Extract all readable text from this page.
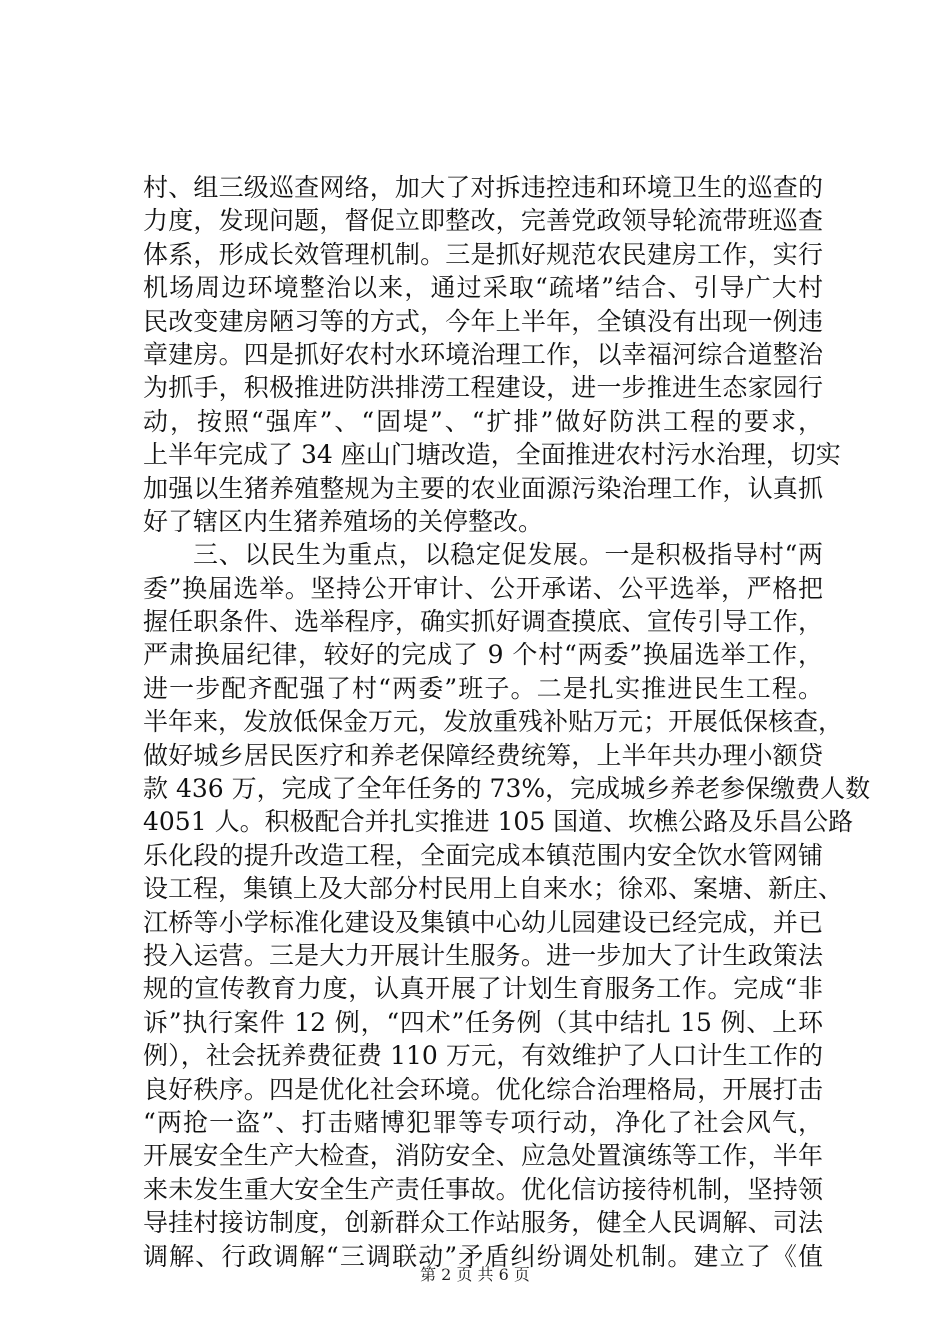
村、组三级巡查网络，加大了对拆违控违和环境卫生的巡查的
力度，发现问题，督促立即整改，完善党政领导轮流带班巡查
体系，形成长效管理机制。三是抓好规范农民建房工作，实行
机场周边环境整治以来，通过采取“疏堵”结合、引导广大村
民改变建房陋习等的方式，今年上半年，全镇没有出现一例违
章建房。四是抓好农村水环境治理工作，以幸福河综合道整治
为抓手，积极推进防洪排涝工程建设，进一步推进生态家园行
动，按照“强库”、“固堤”、“扩排”做好防洪工程的要求，
上半年完成了 34 座山门塘改造，全面推进农村污水治理，切实
加强以生猪养殖整规为主要的农业面源污染治理工作，认真抓
好了辖区内生猪养殖场的关停整改。
三、以民生为重点，以稳定促发展。一是积极指导村“两
委”换届选举。坚持公开审计、公开承诺、公平选举，严格把
握任职条件、选举程序，确实抓好调查摸底、宣传引导工作，
严肃换届纪律，较好的完成了 9 个村“两委”换届选举工作，
进一步配齐配强了村“两委”班子。二是扎实推进民生工程。
半年来，发放低保金万元，发放重残补贴万元；开展低保核查，
做好城乡居民医疗和养老保障经费统筹，上半年共办理小额贷
款 436 万，完成了全年任务的 73%，完成城乡养老参保缴费人数
4051 人。积极配合并扎实推进 105 国道、坎樵公路及乐昌公路
乐化段的提升改造工程，全面完成本镇范围内安全饮水管网铺
设工程，集镇上及大部分村民用上自来水；徐邓、案塘、新庄、
江桥等小学标准化建设及集镇中心幼儿园建设已经完成，并已
投入运营。三是大力开展计生服务。进一步加大了计生政策法
规的宣传教育力度，认真开展了计划生育服务工作。完成“非
诉”执行案件 12 例，“四术”任务例（其中结扎 15 例、上环
例），社会抚养费征费 110 万元，有效维护了人口计生工作的
良好秩序。四是优化社会环境。优化综合治理格局，开展打击
“两抢一盗”、打击赌博犯罪等专项行动，净化了社会风气，
开展安全生产大检查，消防安全、应急处置演练等工作，半年
来未发生重大安全生产责任事故。优化信访接待机制，坚持领
导挂村接访制度，创新群众工作站服务，健全人民调解、司法
调解、行政调解“三调联动”矛盾纠纷调处机制。建立了《值
第 2 页 共 6 页
